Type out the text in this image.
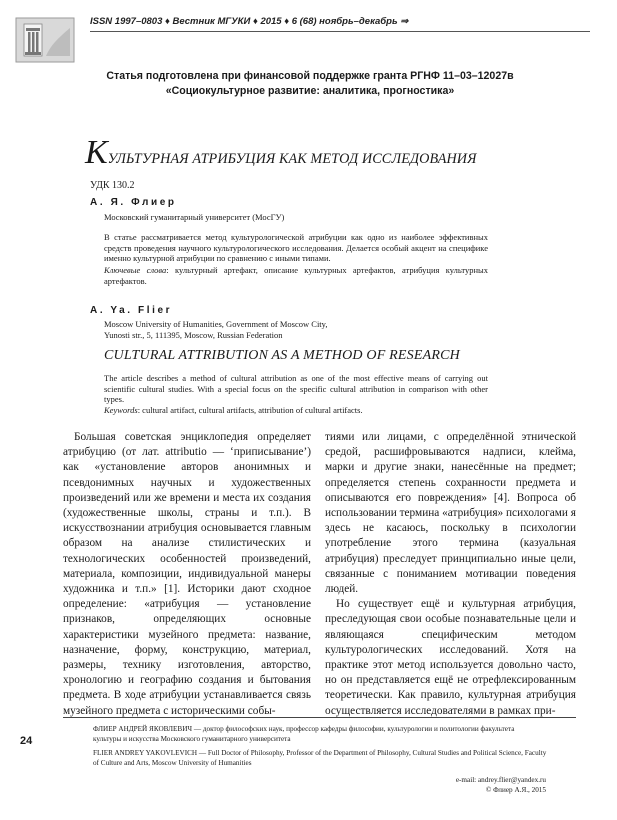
ISSN 1997–0803 ♦ Вестник МГУКИ ♦ 2015 ♦ 6 (68) ноябрь–декабрь ⇒
Статья подготовлена при финансовой поддержке гранта РГНФ 11–03–12027в
«Социокультурное развитие: аналитика, прогностика»
КУЛЬТУРНАЯ АТРИБУЦИЯ КАК МЕТОД ИССЛЕДОВАНИЯ
УДК 130.2
А. Я. Флиер
Московский гуманитарный университет (МосГУ)
В статье рассматривается метод культурологической атрибуции как одно из наиболее эффективных средств проведения научного культурологического исследования. Делается особый акцент на специфике именно культурной атрибуции по сравнению с иными типами.
Ключевые слова: культурный артефакт, описание культурных артефактов, атрибуция культурных артефактов.
A. Ya. Flier
Moscow University of Humanities, Government of Moscow City,
Yunosti str., 5, 111395, Moscow, Russian Federation
CULTURAL ATTRIBUTION AS A METHOD OF RESEARCH
The article describes a method of cultural attribution as one of the most effective means of carrying out scientific cultural studies. With a special focus on the specific cultural attribution in comparison with other types.
Keywords: cultural artifact, cultural artifacts, attribution of cultural artifacts.

Большая советская энциклопедия определяет атрибуцию (от лат. attributio — ‘приписывание’) как «установление авторов анонимных и псевдонимных научных и художественных произведений или же времени и места их создания (художественные школы, страны и т.п.). В искусствознании атрибуция основывается главным образом на анализе стилистических и технологических особенностей произведений, материала, композиции, индивидуальной манеры художника и т.п.» [1]. Историки дают сходное определение: «атрибуция — установление признаков, определяющих основные характеристики музейного предмета: название, назначение, форму, конструкцию, материал, размеры, технику изготовления, авторство, хронологию и географию создания и бытования предмета. В ходе атрибуции устанавливается связь музейного предмета с историческими собы-

тиями или лицами, с определённой этнической средой, расшифровываются надписи, клейма, марки и другие знаки, нанесённые на предмет; определяется степень сохранности предмета и описываются его повреждения» [4]. Вопроса об использовании термина «атрибуция» психологами я здесь не касаюсь, поскольку в психологии употребление этого термина (казуальная атрибуция) преследует принципиально иные цели, связанные с пониманием мотивации поведения людей.

Но существует ещё и культурная атрибуция, преследующая свои особые познавательные цели и являющаяся специфическим методом культурологических исследований. Хотя на практике этот метод используется довольно часто, но он представляется ещё не отрефлексированным теоретически. Как правило, культурная атрибуция осуществляется исследователями в рамках при-

24
ФЛИЕР АНДРЕЙ ЯКОВЛЕВИЧ — доктор философских наук, профессор кафедры философии, культурологии и политологии факультета культуры и искусства Московского гуманитарного университета
FLIER ANDREY YAKOVLEVICH — Full Doctor of Philosophy, Professor of the Department of Philosophy, Cultural Studies and Political Science, Faculty of Culture and Arts, Moscow University of Humanities
e-mail: andrey.flier@yandex.ru
© Флиер А.Я., 2015
